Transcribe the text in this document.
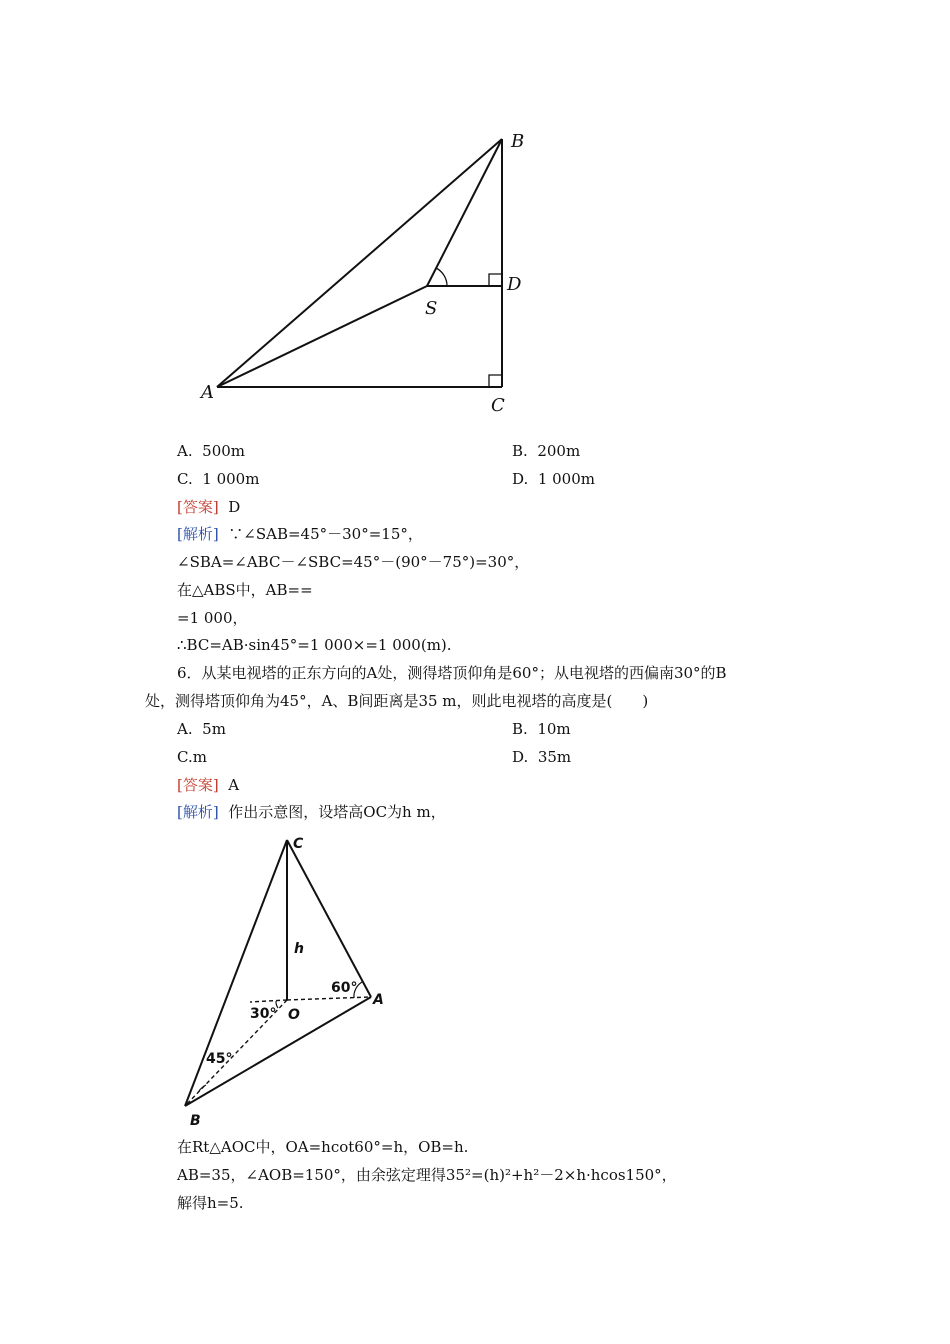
B
D
S
A
C
A. 500m	B. 200m
C. 1 000m	D. 1 000m
[答案] D
[解析] ∵∠SAB=45°－30°=15°，
∠SBA=∠ABC－∠SBC=45°－(90°－75°)=30°，
在△ABS中，AB==
=1 000，
∴BC=AB·sin45°=1 000×=1 000(m).
6．从某电视塔的正东方向的A处，测得塔顶仰角是60°；从电视塔的西偏南30°的B
处，测得塔顶仰角为45°，A、B间距离是35 m，则此电视塔的高度是(　　)
A. 5m	B. 10m
C.m	D. 35m
[答案] A
[解析] 作出示意图，设塔高OC为h m，
C
h
60°
A
30° O
45°
B
在Rt△AOC中，OA=hcot60°=h，OB=h.
AB=35，∠AOB=150°，由余弦定理得35²=(h)²+h²－2×h·hcos150°，
解得h=5.
